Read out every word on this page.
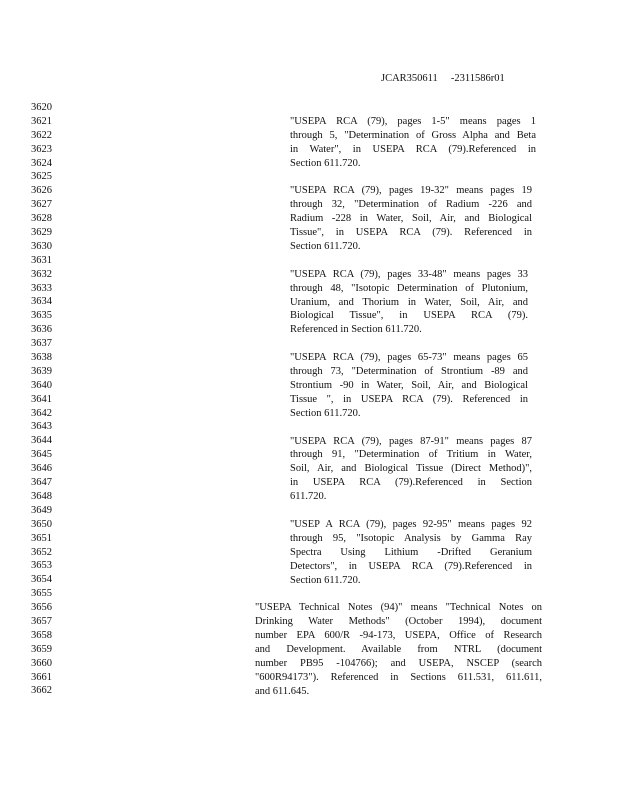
JCAR350611 -2311586r01
3620
3621
3622
3623
3624
3625
3626
3627
3628
3629
3630
3631
3632
3633
3634
3635
3636
3637
3638
3639
3640
3641
3642
3643
3644
3645
3646
3647
3648
3649
3650
3651
3652
3653
3654
3655
3656
3657
3658
3659
3660
3661
3662
"USEPA RCA (79), pages 1-5" means pages 1
through 5, "Determination of Gross Alpha and Beta
in Water", in USEPA RCA (79).Referenced in
Section 611.720.
"USEPA RCA (79), pages 19-32" means pages 19
through 32, "Determination of Radium -226 and
Radium -228 in Water, Soil, Air, and Biological
Tissue", in USEPA RCA (79). Referenced in
Section 611.720.
"USEPA RCA (79), pages 33-48" means pages 33
through 48, "Isotopic Determination of Plutonium,
Uranium, and Thorium in Water, Soil, Air, and
Biological Tissue", in USEPA RCA (79).
Referenced in Section 611.720.
"USEPA RCA (79), pages 65-73" means pages 65
through 73, "Determination of Strontium -89 and
Strontium -90 in Water, Soil, Air, and Biological
Tissue ", in USEPA RCA (79). Referenced in
Section 611.720.
"USEPA RCA (79), pages 87-91" means pages 87
through 91, "Determination of Tritium in Water,
Soil, Air, and Biological Tissue (Direct Method)",
in USEPA RCA (79).Referenced in Section
611.720.
"USEP A RCA (79), pages 92-95" means pages 92
through 95, "Isotopic Analysis by Gamma Ray
Spectra Using Lithium -Drifted Geranium
Detectors", in USEPA RCA (79).Referenced in
Section 611.720.
"USEPA Technical Notes (94)" means "Technical Notes on
Drinking Water Methods" (October 1994), document
number EPA 600/R -94-173, USEPA, Office of Research
and Development. Available from NTRL (document
number PB95 -104766); and USEPA, NSCEP (search
"600R94173"). Referenced in Sections 611.531, 611.611,
and 611.645.
